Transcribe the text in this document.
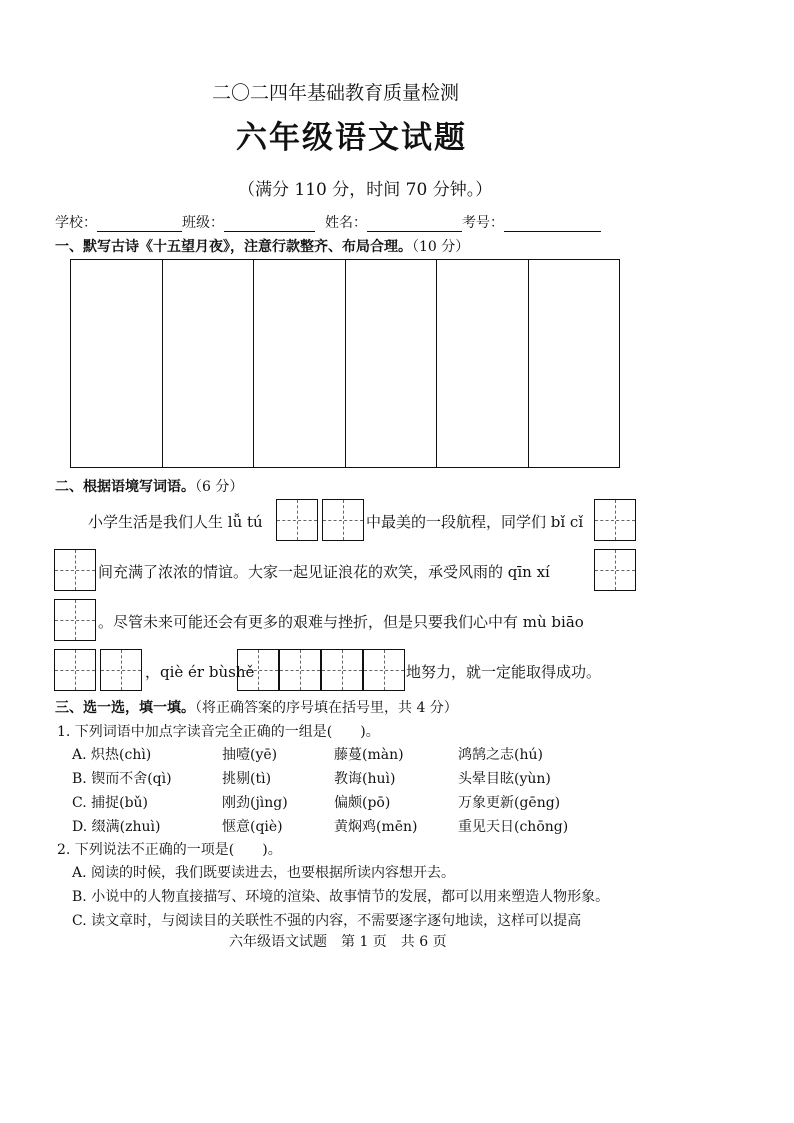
二〇二四年基础教育质量检测
六年级语文试题
（满分 110 分，时间 70 分钟。）
学校：	班级：	姓名：	考号：
一、默写古诗《十五望月夜》，注意行款整齐、布局合理。（10 分）
二、根据语境写词语。（6 分）
小学生活是我们人生 lǚ tú	中最美的一段航程，同学们 bǐ cǐ
间充满了浓浓的情谊。大家一起见证浪花的欢笑，承受风雨的 qīn xí
。尽管未来可能还会有更多的艰难与挫折，但是只要我们心中有 mù biāo
，qiè ér bùshě	地努力，就一定能取得成功。
三、选一选，填一填。（将正确答案的序号填在括号里，共 4 分）
1. 下列词语中加点字读音完全正确的一组是(　　)。
A. 炽热(chì)	抽噎(yē)	藤蔓(màn)	鸿鹄之志(hú)
B. 锲而不舍(qì)	挑剔(tì)	教诲(huì)	头晕目眩(yùn)
C. 捕捉(bǔ)	刚劲(jìng)	偏颇(pō)	万象更新(gēng)
D. 缀满(zhuì)	惬意(qiè)	黄焖鸡(mēn)	重见天日(chōng)
2. 下列说法不正确的一项是(　　)。
A. 阅读的时候，我们既要读进去，也要根据所读内容想开去。
B. 小说中的人物直接描写、环境的渲染、故事情节的发展，都可以用来塑造人物形象。
C. 读文章时，与阅读目的关联性不强的内容，不需要逐字逐句地读，这样可以提高
六年级语文试题　第 1 页　共 6 页
